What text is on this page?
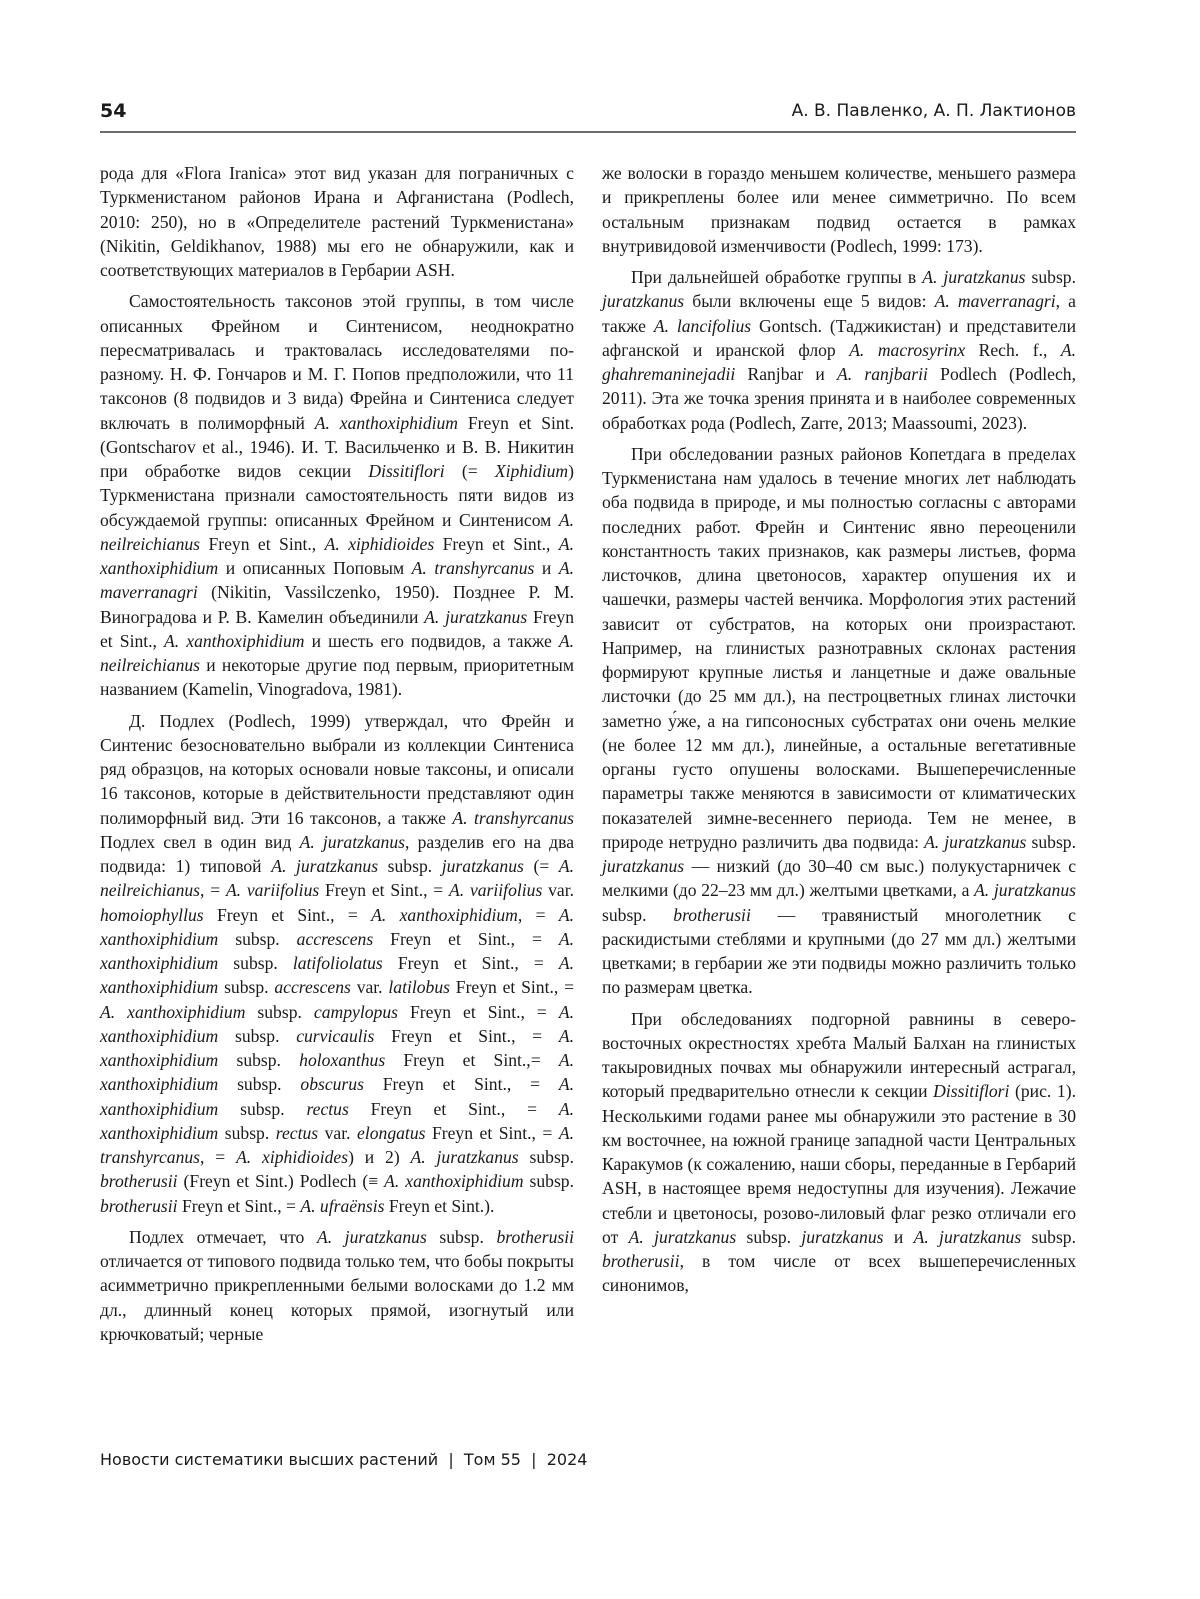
54	А. В. Павленко, А. П. Лактионов

рода для «Flora Iranica» этот вид указан для пограничных с Туркменистаном районов Ирана и Афганистана (Podlech, 2010: 250), но в «Определителе растений Туркменистана» (Nikitin, Geldikhanov, 1988) мы его не обнаружили, как и соответствующих материалов в Гербарии ASH.

Самостоятельность таксонов этой группы, в том числе описанных Фрейном и Синтенисом, неоднократно пересматривалась и трактовалась исследователями по-разному. Н. Ф. Гончаров и М. Г. Попов предположили, что 11 таксонов (8 подвидов и 3 вида) Фрейна и Синтениса следует включать в полиморфный A. xanthoxiphidium Freyn et Sint. (Gontscharov et al., 1946). И. Т. Васильченко и В. В. Никитин при обработке видов секции Dissitiflori (= Xiphidium) Туркменистана признали самостоятельность пяти видов из обсуждаемой группы: описанных Фрейном и Синтенисом A. neilreichianus Freyn et Sint., A. xiphidioides Freyn et Sint., A. xanthoxiphidium и описанных Поповым A. transhyrcanus и A. maverranagri (Nikitin, Vassilczenko, 1950). Позднее Р. М. Виноградова и Р. В. Камелин объединили A. juratzkanus Freyn et Sint., A. xanthoxiphidium и шесть его подвидов, а также A. neilreichianus и некоторые другие под первым, приоритетным названием (Kamelin, Vinogradova, 1981).

Д. Подлех (Podlech, 1999) утверждал, что Фрейн и Синтенис безосновательно выбрали из коллекции Синтениса ряд образцов, на которых основали новые таксоны, и описали 16 таксонов, которые в действительности представляют один полиморфный вид. Эти 16 таксонов, а также A. transhyrcanus Подлех свел в один вид A. juratzkanus, разделив его на два подвида: 1) типовой A. juratzkanus subsp. juratzkanus (= A. neilreichianus, = A. variifolius Freyn et Sint., = A. variifolius var. homoiophyllus Freyn et Sint., = A. xanthoxiphidium, = A. xanthoxiphidium subsp. accrescens Freyn et Sint., = A. xanthoxiphidium subsp. latifoliolatus Freyn et Sint., = A. xanthoxiphidium subsp. accrescens var. latilobus Freyn et Sint., = A. xanthoxiphidium subsp. campylopus Freyn et Sint., = A. xanthoxiphidium subsp. curvicaulis Freyn et Sint., = A. xanthoxiphidium subsp. holoxanthus Freyn et Sint.,= A. xanthoxiphidium subsp. obscurus Freyn et Sint., = A. xanthoxiphidium subsp. rectus Freyn et Sint., = A. xanthoxiphidium subsp. rectus var. elongatus Freyn et Sint., = A. transhyrcanus, = A. xiphidioides) и 2) A. juratzkanus subsp. brotherusii (Freyn et Sint.) Podlech (≡ A. xanthoxiphidium subsp. brotherusii Freyn et Sint., = A. ufraënsis Freyn et Sint.).

Подлех отмечает, что A. juratzkanus subsp. brotherusii отличается от типового подвида только тем, что бобы покрыты асимметрично прикрепленными белыми волосками до 1.2 мм дл., длинный конец которых прямой, изогнутый или крючковатый; черные

же волоски в гораздо меньшем количестве, меньшего размера и прикреплены более или менее симметрично. По всем остальным признакам подвид остается в рамках внутривидовой изменчивости (Podlech, 1999: 173).

При дальнейшей обработке группы в A. juratzkanus subsp. juratzkanus были включены еще 5 видов: A. maverranagri, а также A. lancifolius Gontsch. (Таджикистан) и представители афганской и иранской флор A. macrosyrinx Rech. f., A. ghahremaninejadii Ranjbar и A. ranjbarii Podlech (Podlech, 2011). Эта же точка зрения принята и в наиболее современных обработках рода (Podlech, Zarre, 2013; Maassoumi, 2023).

При обследовании разных районов Копетдага в пределах Туркменистана нам удалось в течение многих лет наблюдать оба подвида в природе, и мы полностью согласны с авторами последних работ. Фрейн и Синтенис явно переоценили константность таких признаков, как размеры листьев, форма листочков, длина цветоносов, характер опушения их и чашечки, размеры частей венчика. Морфология этих растений зависит от субстратов, на которых они произрастают. Например, на глинистых разнотравных склонах растения формируют крупные листья и ланцетные и даже овальные листочки (до 25 мм дл.), на пестроцветных глинах листочки заметно у́же, а на гипсоносных субстратах они очень мелкие (не более 12 мм дл.), линейные, а остальные вегетативные органы густо опушены волосками. Вышеперечисленные параметры также меняются в зависимости от климатических показателей зимне-весеннего периода. Тем не менее, в природе нетрудно различить два подвида: A. juratzkanus subsp. juratzkanus — низкий (до 30–40 см выс.) полукустарничек с мелкими (до 22–23 мм дл.) желтыми цветками, а A. juratzkanus subsp. brotherusii — травянистый многолетник с раскидистыми стеблями и крупными (до 27 мм дл.) желтыми цветками; в гербарии же эти подвиды можно различить только по размерам цветка.

При обследованиях подгорной равнины в северо-восточных окрестностях хребта Малый Балхан на глинистых такыровидных почвах мы обнаружили интересный астрагал, который предварительно отнесли к секции Dissitiflori (рис. 1). Несколькими годами ранее мы обнаружили это растение в 30 км восточнее, на южной границе западной части Центральных Каракумов (к сожалению, наши сборы, переданные в Гербарий ASH, в настоящее время недоступны для изучения). Лежачие стебли и цветоносы, розово-лиловый флаг резко отличали его от A. juratzkanus subsp. juratzkanus и A. juratzkanus subsp. brotherusii, в том числе от всех вышеперечисленных синонимов,

Новости систематики высших растений | Том 55 | 2024
